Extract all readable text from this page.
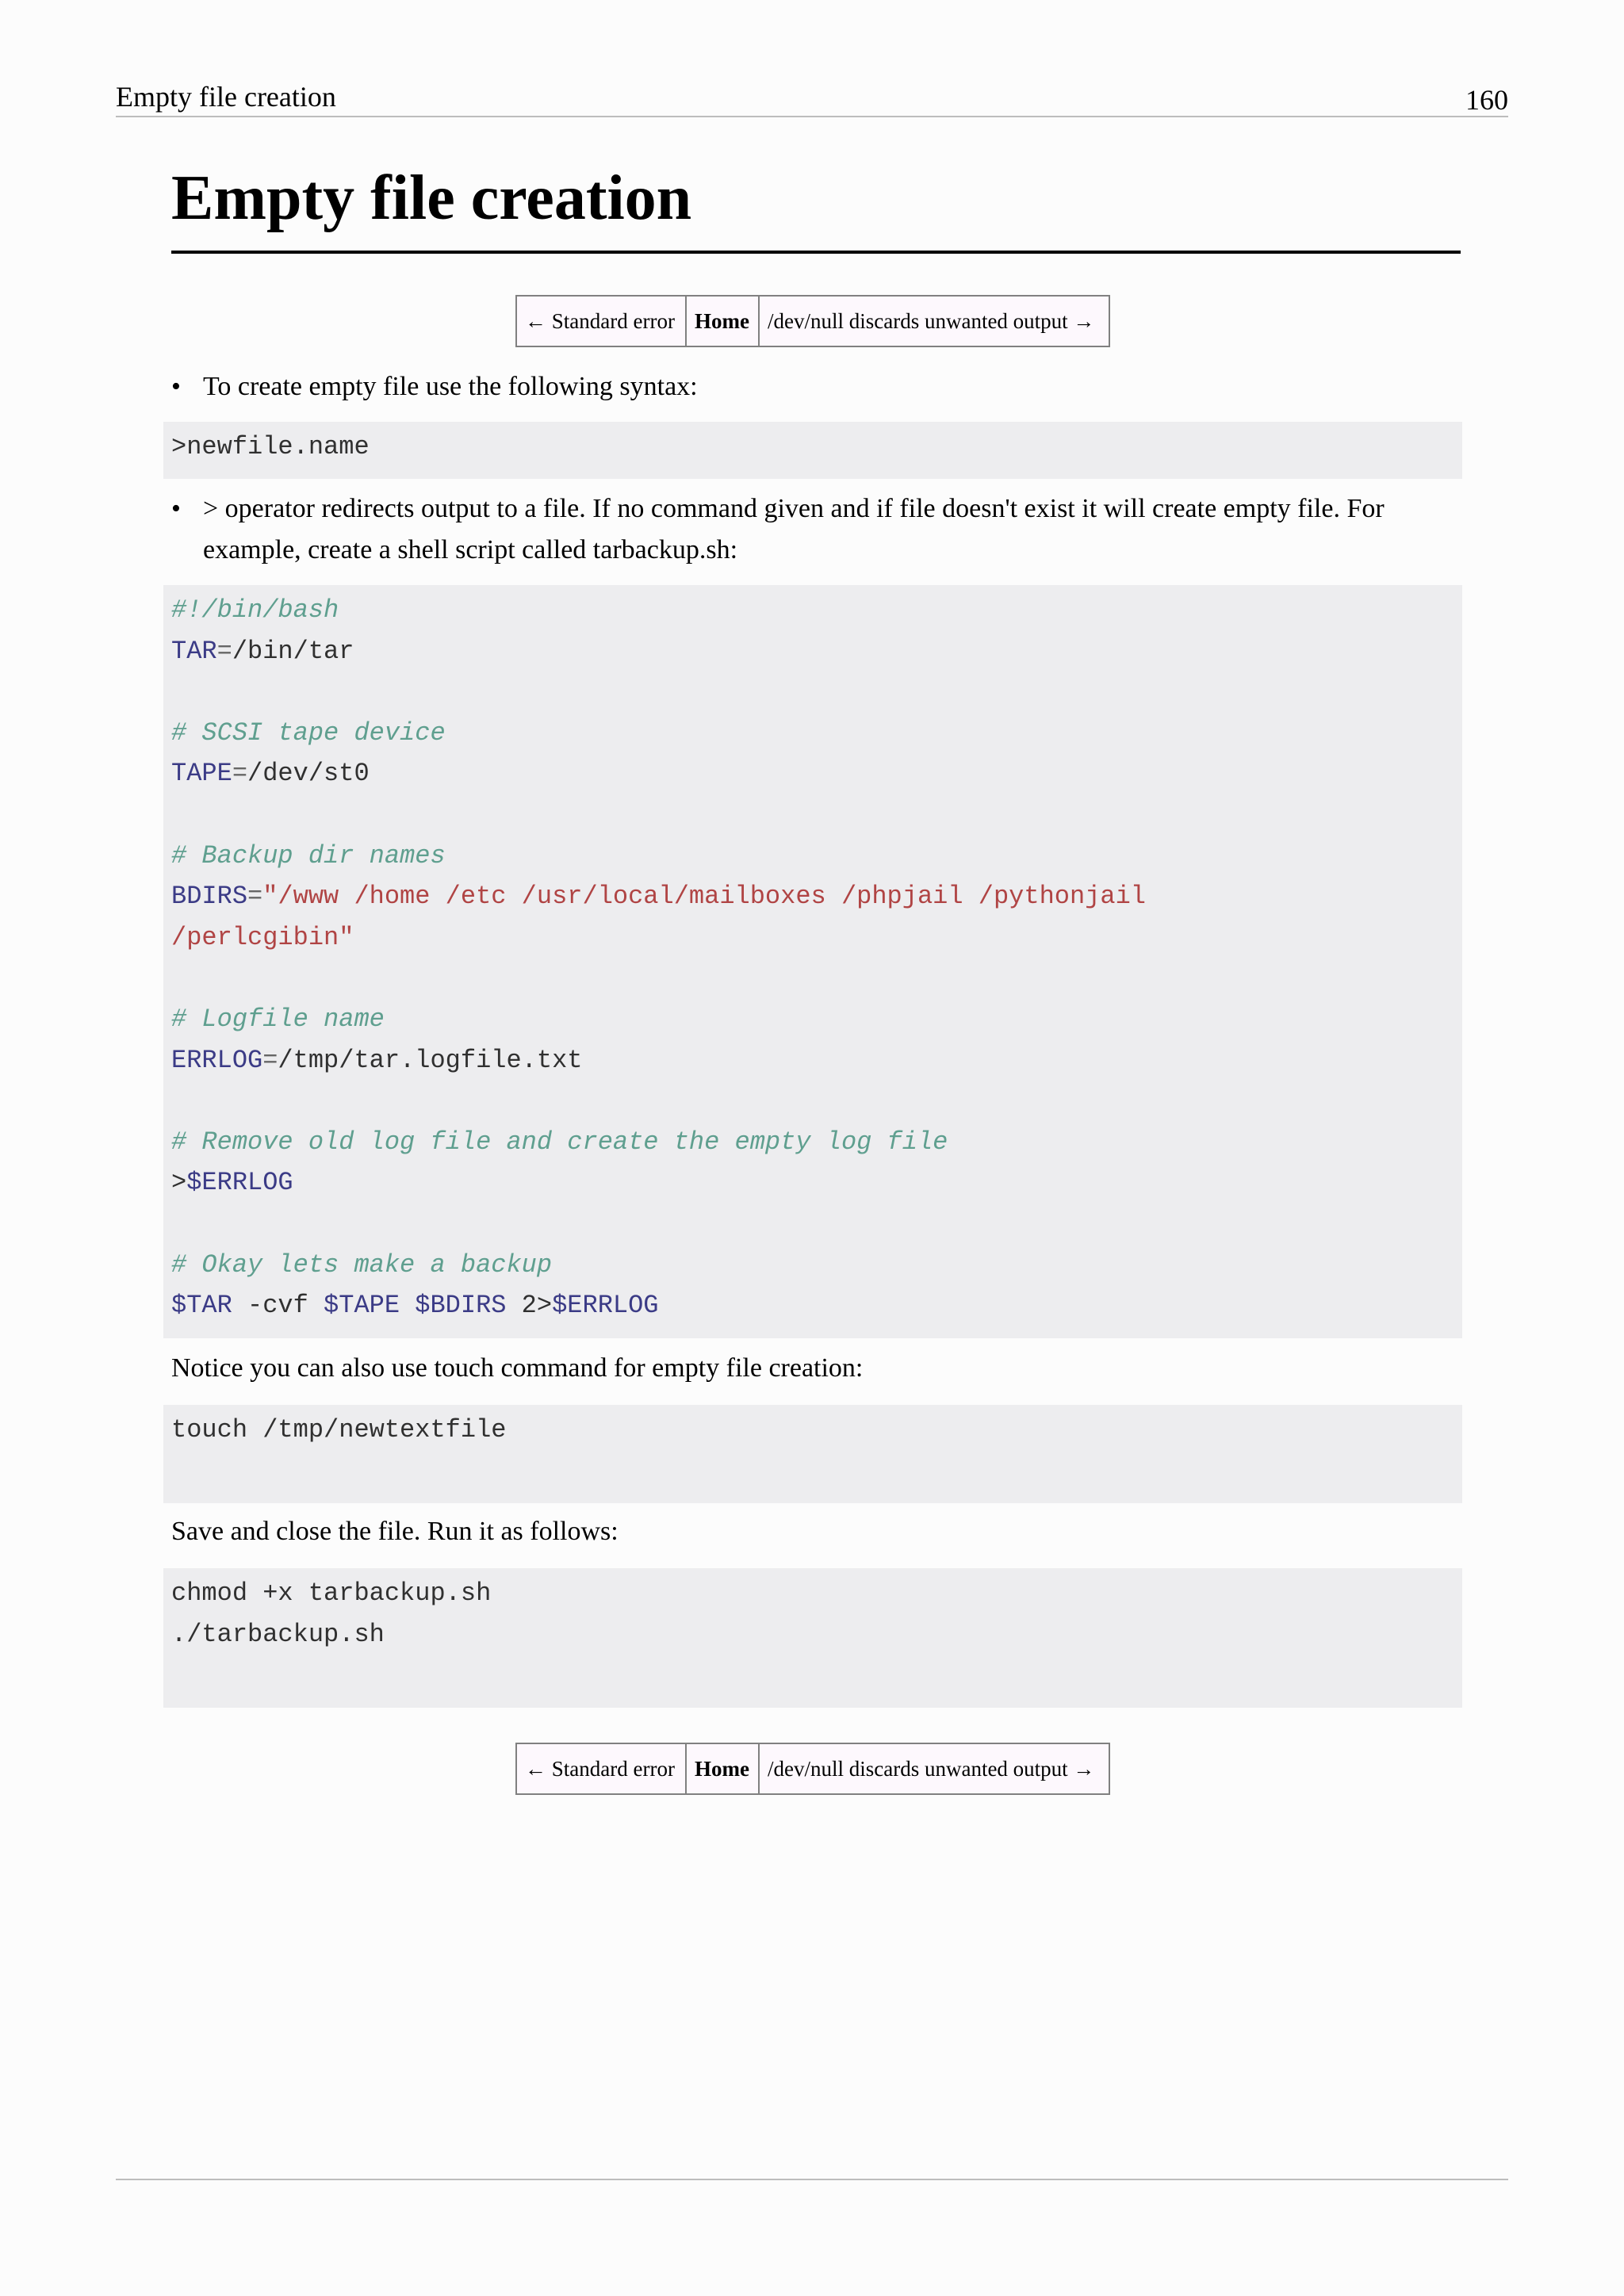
Empty file creation	160
Empty file creation
← Standard error Home /dev/null discards unwanted output →
• To create empty file use the following syntax:
>newfile.name
• > operator redirects output to a file. If no command given and if file doesn't exist it will create empty file. For example, create a shell script called tarbackup.sh:
#!/bin/bash
TAR=/bin/tar

# SCSI tape device
TAPE=/dev/st0

# Backup dir names
BDIRS="/www /home /etc /usr/local/mailboxes /phpjail /pythonjail
/perlcgibin"

# Logfile name
ERRLOG=/tmp/tar.logfile.txt

# Remove old log file and create the empty log file
>$ERRLOG

# Okay lets make a backup
$TAR -cvf $TAPE $BDIRS 2>$ERRLOG
Notice you can also use touch command for empty file creation:
touch /tmp/newtextfile
Save and close the file. Run it as follows:
chmod +x tarbackup.sh
./tarbackup.sh
← Standard error Home /dev/null discards unwanted output →
